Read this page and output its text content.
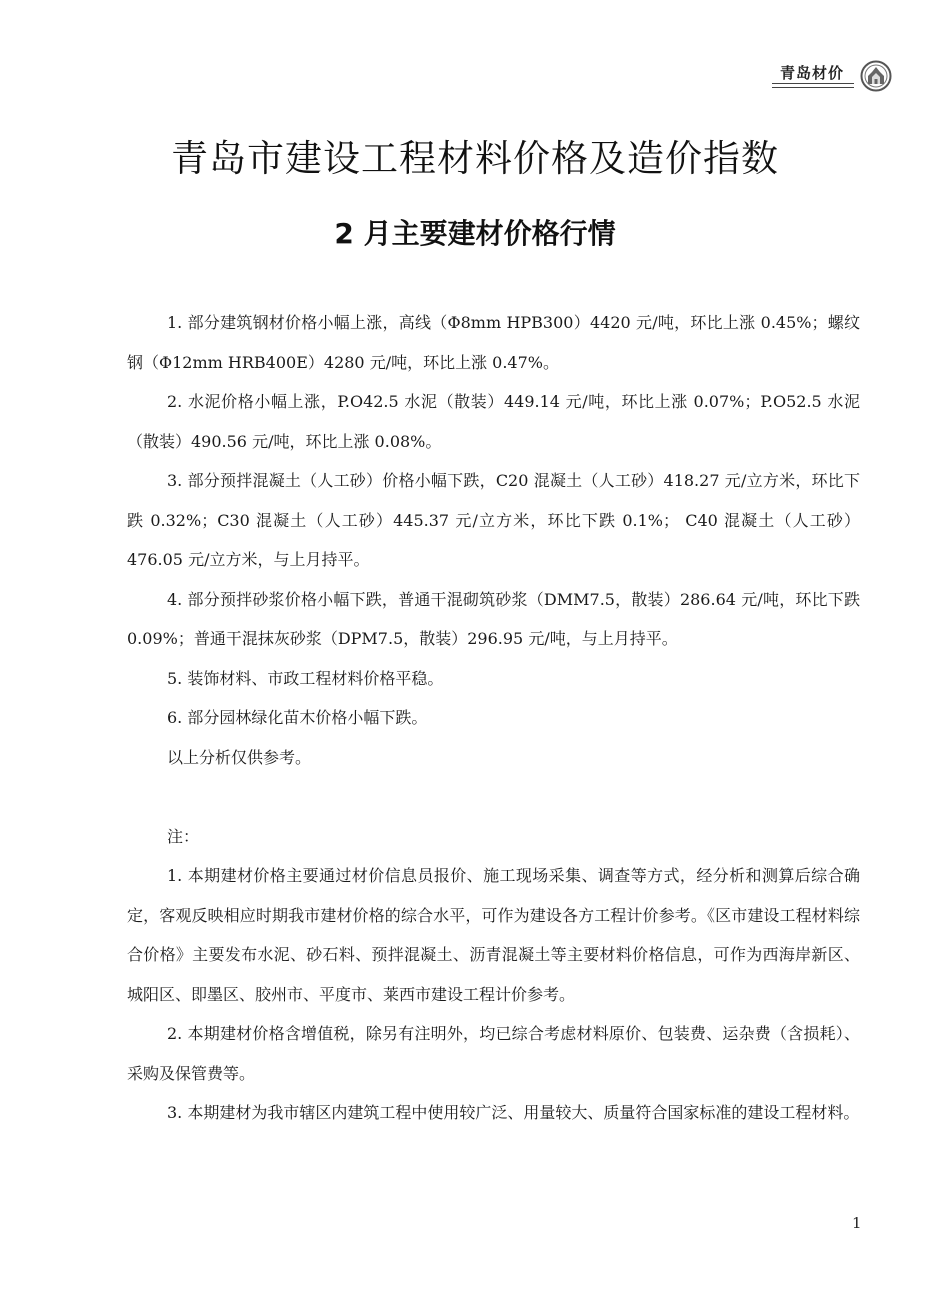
青岛材价
青岛市建设工程材料价格及造价指数
2 月主要建材价格行情

1. 部分建筑钢材价格小幅上涨，高线（Φ8mm HPB300）4420 元/吨，环比上涨 0.45%；螺纹钢（Φ12mm HRB400E）4280 元/吨，环比上涨 0.47%。

2. 水泥价格小幅上涨，P.O42.5 水泥（散装）449.14 元/吨，环比上涨 0.07%；P.O52.5 水泥（散装）490.56 元/吨，环比上涨 0.08%。

3. 部分预拌混凝土（人工砂）价格小幅下跌，C20 混凝土（人工砂）418.27 元/立方米，环比下跌 0.32%；C30 混凝土（人工砂）445.37 元/立方米，环比下跌 0.1%； C40 混凝土（人工砂）476.05 元/立方米，与上月持平。

4. 部分预拌砂浆价格小幅下跌，普通干混砌筑砂浆（DMM7.5，散装）286.64 元/吨，环比下跌 0.09%；普通干混抹灰砂浆（DPM7.5，散装）296.95 元/吨，与上月持平。

5. 装饰材料、市政工程材料价格平稳。

6. 部分园林绿化苗木价格小幅下跌。

以上分析仅供参考。

注：

1. 本期建材价格主要通过材价信息员报价、施工现场采集、调查等方式，经分析和测算后综合确定，客观反映相应时期我市建材价格的综合水平，可作为建设各方工程计价参考。《区市建设工程材料综合价格》主要发布水泥、砂石料、预拌混凝土、沥青混凝土等主要材料价格信息，可作为西海岸新区、城阳区、即墨区、胶州市、平度市、莱西市建设工程计价参考。

2. 本期建材价格含增值税，除另有注明外，均已综合考虑材料原价、包装费、运杂费（含损耗）、采购及保管费等。

3. 本期建材为我市辖区内建筑工程中使用较广泛、用量较大、质量符合国家标准的建设工程材料。

1
